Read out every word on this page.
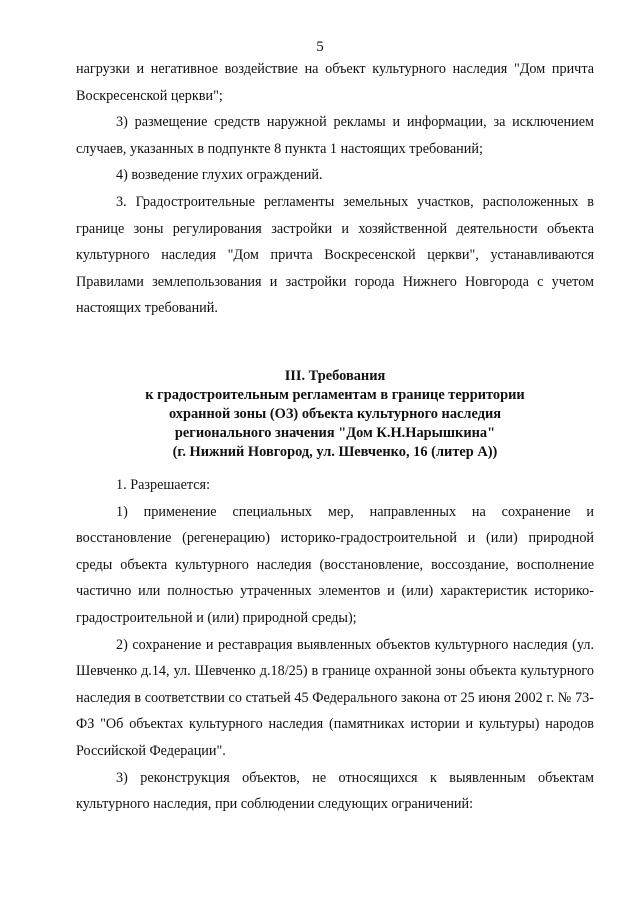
5

нагрузки и негативное воздействие на объект культурного наследия "Дом причта Воскресенской церкви";

3) размещение средств наружной рекламы и информации, за исключением случаев, указанных в подпункте 8 пункта 1 настоящих требований;

4) возведение глухих ограждений.

3. Градостроительные регламенты земельных участков, расположенных в границе зоны регулирования застройки и хозяйственной деятельности объекта культурного наследия "Дом причта Воскресенской церкви", устанавливаются Правилами землепользования и застройки города Нижнего Новгорода с учетом настоящих требований.

III. Требования
к градостроительным регламентам в границе территории
охранной зоны (ОЗ) объекта культурного наследия
регионального значения "Дом К.Н.Нарышкина"
(г. Нижний Новгород, ул. Шевченко, 16 (литер А))

1. Разрешается:

1) применение специальных мер, направленных на сохранение и восстановление (регенерацию) историко-градостроительной и (или) природной среды объекта культурного наследия (восстановление, воссоздание, восполнение частично или полностью утраченных элементов и (или) характеристик историко-градостроительной и (или) природной среды);

2) сохранение и реставрация выявленных объектов культурного наследия (ул. Шевченко д.14, ул. Шевченко д.18/25) в границе охранной зоны объекта культурного наследия в соответствии со статьей 45 Федерального закона от 25 июня 2002 г. № 73-ФЗ "Об объектах культурного наследия (памятниках истории и культуры) народов Российской Федерации".

3) реконструкция объектов, не относящихся к выявленным объектам культурного наследия, при соблюдении следующих ограничений:
